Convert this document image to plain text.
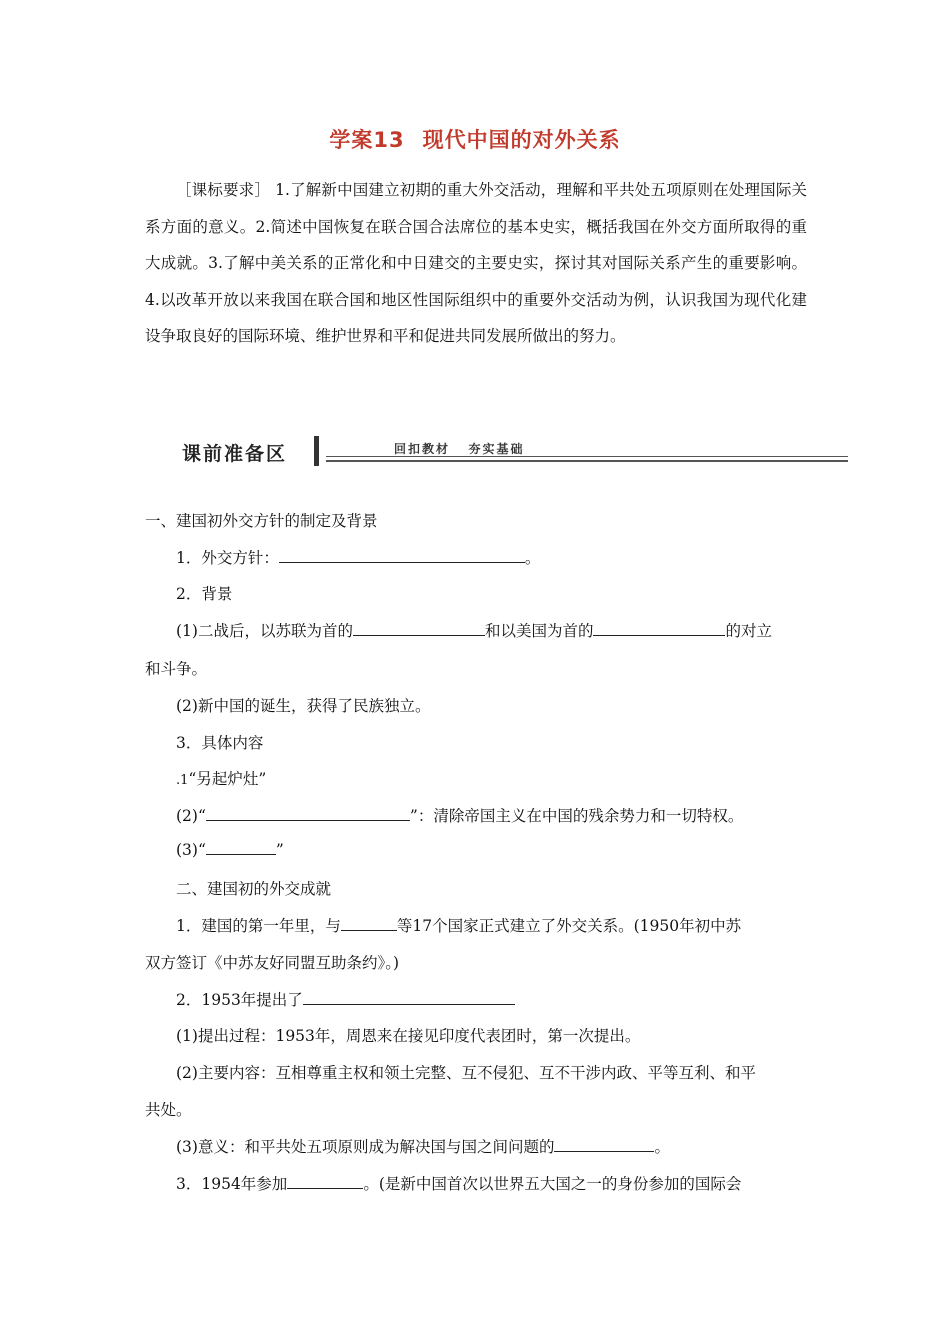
学案13 现代中国的对外关系
［课标要求］ 1.了解新中国建立初期的重大外交活动，理解和平共处五项原则在处理国际关系方面的意义。2.简述中国恢复在联合国合法席位的基本史实，概括我国在外交方面所取得的重大成就。3.了解中美关系的正常化和中日建交的主要史实，探讨其对国际关系产生的重要影响。4.以改革开放以来我国在联合国和地区性国际组织中的重要外交活动为例，认识我国为现代化建设争取良好的国际环境、维护世界和平和促进共同发展所做出的努力。
课前准备区	回扣教材   夯实基础
一、建国初外交方针的制定及背景
1．外交方针：	。
2．背景
(1)二战后，以苏联为首的	和以美国为首的	的对立
和斗争。
(2)新中国的诞生，获得了民族独立。
3．具体内容
.1“另起炉灶”
(2)“	”：清除帝国主义在中国的残余势力和一切特权。
(3)“	”
二、建国初的外交成就
1．建国的第一年里，与	等17个国家正式建立了外交关系。(1950年初中苏
双方签订《中苏友好同盟互助条约》。)
2．1953年提出了
(1)提出过程：1953年，周恩来在接见印度代表团时，第一次提出。
(2)主要内容：互相尊重主权和领土完整、互不侵犯、互不干涉内政、平等互利、和平
共处。
(3)意义：和平共处五项原则成为解决国与国之间问题的	。
3．1954年参加	。(是新中国首次以世界五大国之一的身份参加的国际会
